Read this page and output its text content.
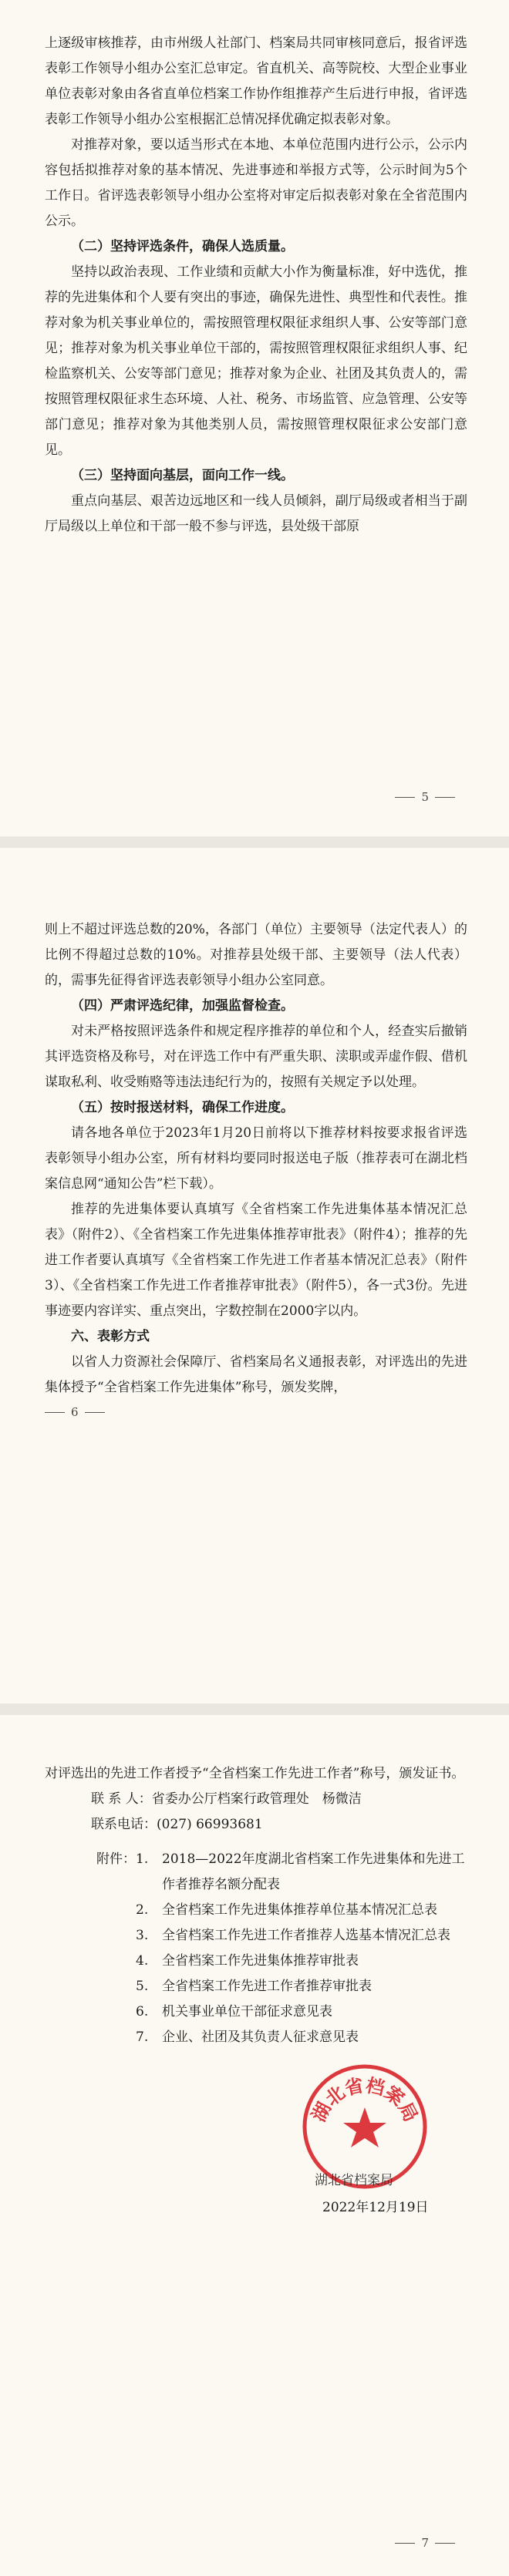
上逐级审核推荐，由市州级人社部门、档案局共同审核同意后，报省评选表彰工作领导小组办公室汇总审定。省直机关、高等院校、大型企业事业单位表彰对象由各省直单位档案工作协作组推荐产生后进行申报，省评选表彰工作领导小组办公室根据汇总情况择优确定拟表彰对象。

对推荐对象，要以适当形式在本地、本单位范围内进行公示，公示内容包括拟推荐对象的基本情况、先进事迹和举报方式等，公示时间为5个工作日。省评选表彰领导小组办公室将对审定后拟表彰对象在全省范围内公示。

（二）坚持评选条件，确保人选质量。

坚持以政治表现、工作业绩和贡献大小作为衡量标准，好中选优，推荐的先进集体和个人要有突出的事迹，确保先进性、典型性和代表性。推荐对象为机关事业单位的，需按照管理权限征求组织人事、公安等部门意见；推荐对象为机关事业单位干部的，需按照管理权限征求组织人事、纪检监察机关、公安等部门意见；推荐对象为企业、社团及其负责人的，需按照管理权限征求生态环境、人社、税务、市场监管、应急管理、公安等部门意见；推荐对象为其他类别人员，需按照管理权限征求公安部门意见。

（三）坚持面向基层，面向工作一线。

重点向基层、艰苦边远地区和一线人员倾斜，副厅局级或者相当于副厅局级以上单位和干部一般不参与评选，县处级干部原

5

则上不超过评选总数的20%，各部门（单位）主要领导（法定代表人）的比例不得超过总数的10%。对推荐县处级干部、主要领导（法人代表）的，需事先征得省评选表彰领导小组办公室同意。

（四）严肃评选纪律，加强监督检查。

对未严格按照评选条件和规定程序推荐的单位和个人，经查实后撤销其评选资格及称号，对在评选工作中有严重失职、渎职或弄虚作假、借机谋取私利、收受贿赂等违法违纪行为的，按照有关规定予以处理。

（五）按时报送材料，确保工作进度。

请各地各单位于2023年1月20日前将以下推荐材料按要求报省评选表彰领导小组办公室，所有材料均要同时报送电子版（推荐表可在湖北档案信息网“通知公告”栏下载）。

推荐的先进集体要认真填写《全省档案工作先进集体基本情况汇总表》（附件2）、《全省档案工作先进集体推荐审批表》（附件4）；推荐的先进工作者要认真填写《全省档案工作先进工作者基本情况汇总表》（附件3）、《全省档案工作先进工作者推荐审批表》（附件5），各一式3份。先进事迹要内容详实、重点突出，字数控制在2000字以内。

六、表彰方式

以省人力资源社会保障厅、省档案局名义通报表彰，对评选出的先进集体授予“全省档案工作先进集体”称号，颁发奖牌，

6

对评选出的先进工作者授予“全省档案工作先进工作者”称号，颁发证书。

联 系 人：省委办公厅档案行政管理处　杨微洁
联系电话：(027) 66993681
附件： 1.	2018—2022年度湖北省档案工作先进集体和先进工作者推荐名额分配表
2.	全省档案工作先进集体推荐单位基本情况汇总表
3.	全省档案工作先进工作者推荐人选基本情况汇总表
4.	全省档案工作先进集体推荐审批表
5.	全省档案工作先进工作者推荐审批表
6.	机关事业单位干部征求意见表
7.	企业、社团及其负责人征求意见表
湖北省档案局
湖北省档案局
2022年12月19日
7
